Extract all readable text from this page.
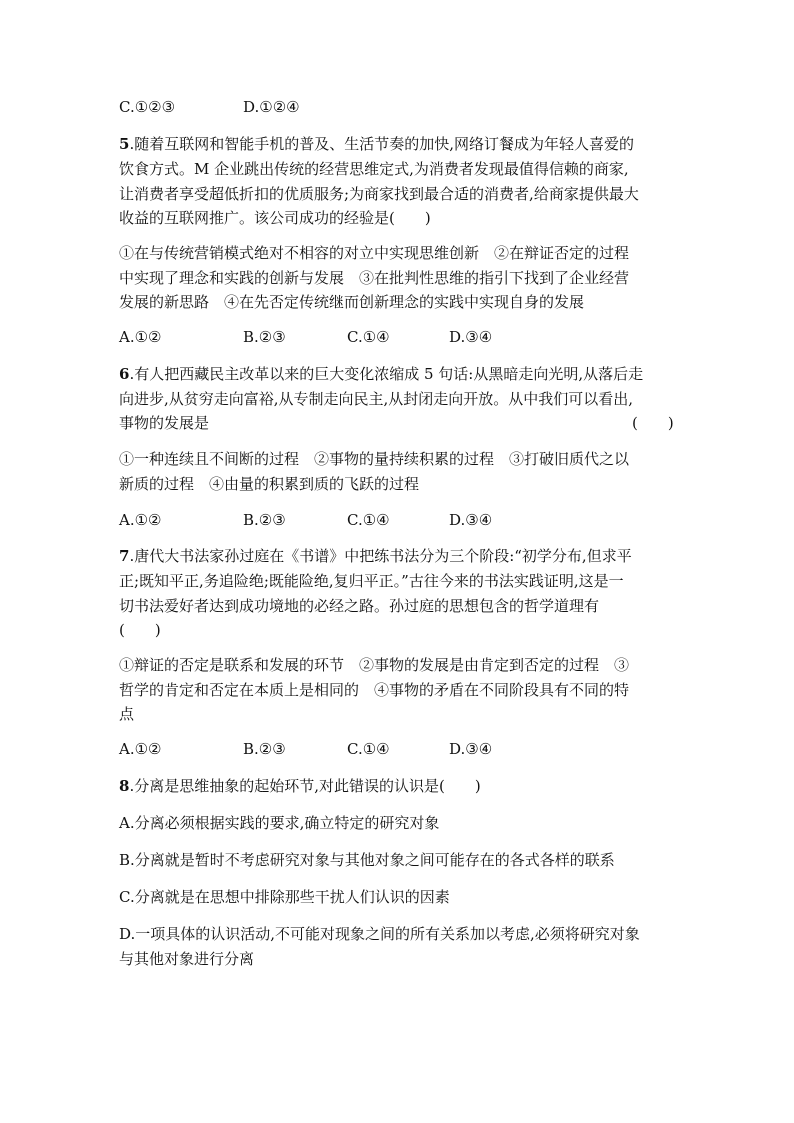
C.①②③	D.①②④
5.随着互联网和智能手机的普及、生活节奏的加快,网络订餐成为年轻人喜爱的
饮食方式。M 企业跳出传统的经营思维定式,为消费者发现最值得信赖的商家,
让消费者享受超低折扣的优质服务;为商家找到最合适的消费者,给商家提供最大
收益的互联网推广。该公司成功的经验是(　　)
①在与传统营销模式绝对不相容的对立中实现思维创新　②在辩证否定的过程
中实现了理念和实践的创新与发展　③在批判性思维的指引下找到了企业经营
发展的新思路　④在先否定传统继而创新理念的实践中实现自身的发展
A.①②	B.②③	C.①④	D.③④
6.有人把西藏民主改革以来的巨大变化浓缩成 5 句话:从黑暗走向光明,从落后走
向进步,从贫穷走向富裕,从专制走向民主,从封闭走向开放。从中我们可以看出,
事物的发展是	(　　)
①一种连续且不间断的过程　②事物的量持续积累的过程　③打破旧质代之以
新质的过程　④由量的积累到质的飞跃的过程
A.①②	B.②③	C.①④	D.③④
7.唐代大书法家孙过庭在《书谱》中把练书法分为三个阶段:“初学分布,但求平
正;既知平正,务追险绝;既能险绝,复归平正。”古往今来的书法实践证明,这是一
切书法爱好者达到成功境地的必经之路。孙过庭的思想包含的哲学道理有
(　　)
①辩证的否定是联系和发展的环节　②事物的发展是由肯定到否定的过程　③
哲学的肯定和否定在本质上是相同的　④事物的矛盾在不同阶段具有不同的特
点
A.①②	B.②③	C.①④	D.③④
8.分离是思维抽象的起始环节,对此错误的认识是(　　)
A.分离必须根据实践的要求,确立特定的研究对象
B.分离就是暂时不考虑研究对象与其他对象之间可能存在的各式各样的联系
C.分离就是在思想中排除那些干扰人们认识的因素
D.一项具体的认识活动,不可能对现象之间的所有关系加以考虑,必须将研究对象
与其他对象进行分离
